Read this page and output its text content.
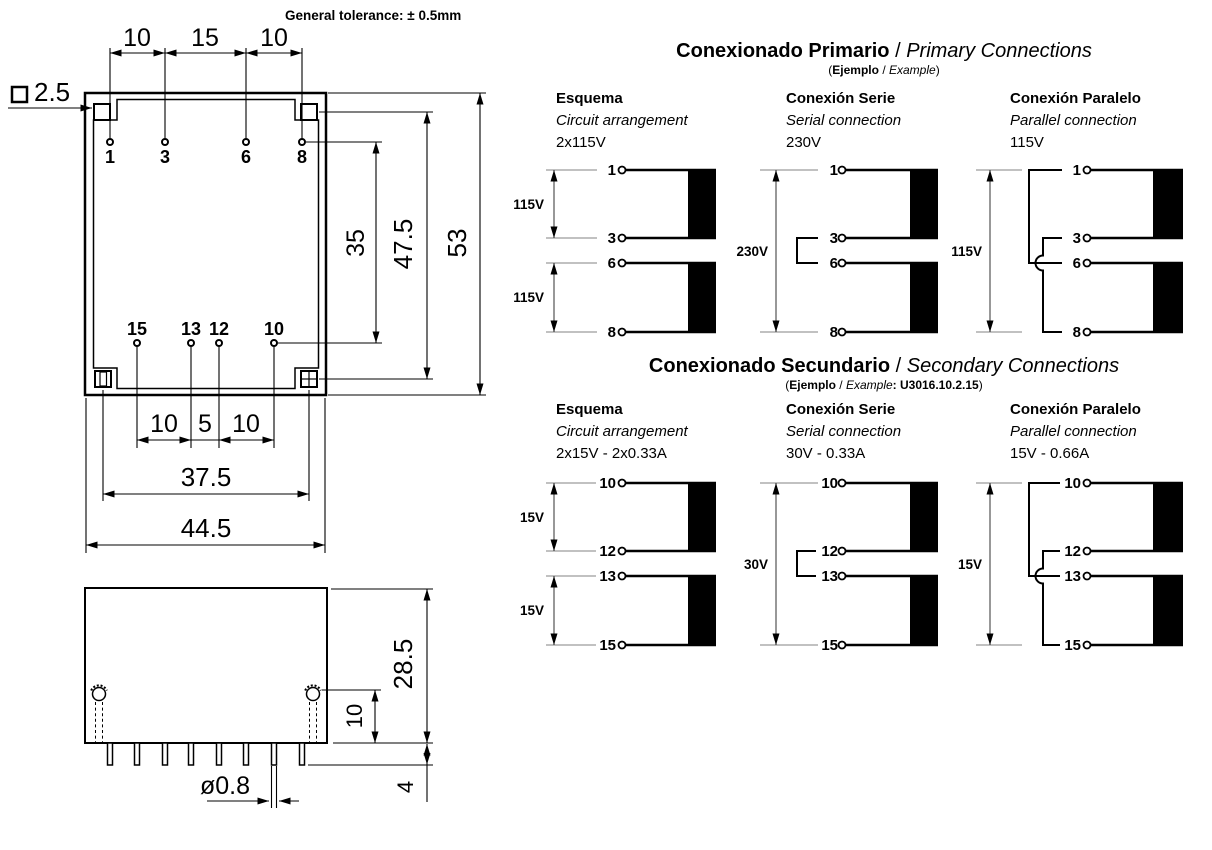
General tolerance: ± 0.5mm
2.5
1 3	6	8
10 15 10
35 47.5 53
15 13 12 10
10 5 10
37.5
44.5
ø0.8
28.5
10
4
Conexionado Primario / Primary Connections
(Ejemplo / Example)
Esquema
Circuit arrangement
2x115V
Conexión Serie
Serial connection
230V
Conexión Paralelo
Parallel connection
115V
115V
115V
1
3
6
8
230V
1
3
6
8
115V
1
3
6
8
Conexionado Secundario / Secondary Connections
(Ejemplo / Example: U3016.10.2.15)
Esquema
Circuit arrangement
2x15V - 2x0.33A
Conexión Serie
Serial connection
30V - 0.33A
Conexión Paralelo
Parallel connection
15V - 0.66A
15V
15V
10
12
13
15
30V
10
12
13
15
15V
10
12
13
15
